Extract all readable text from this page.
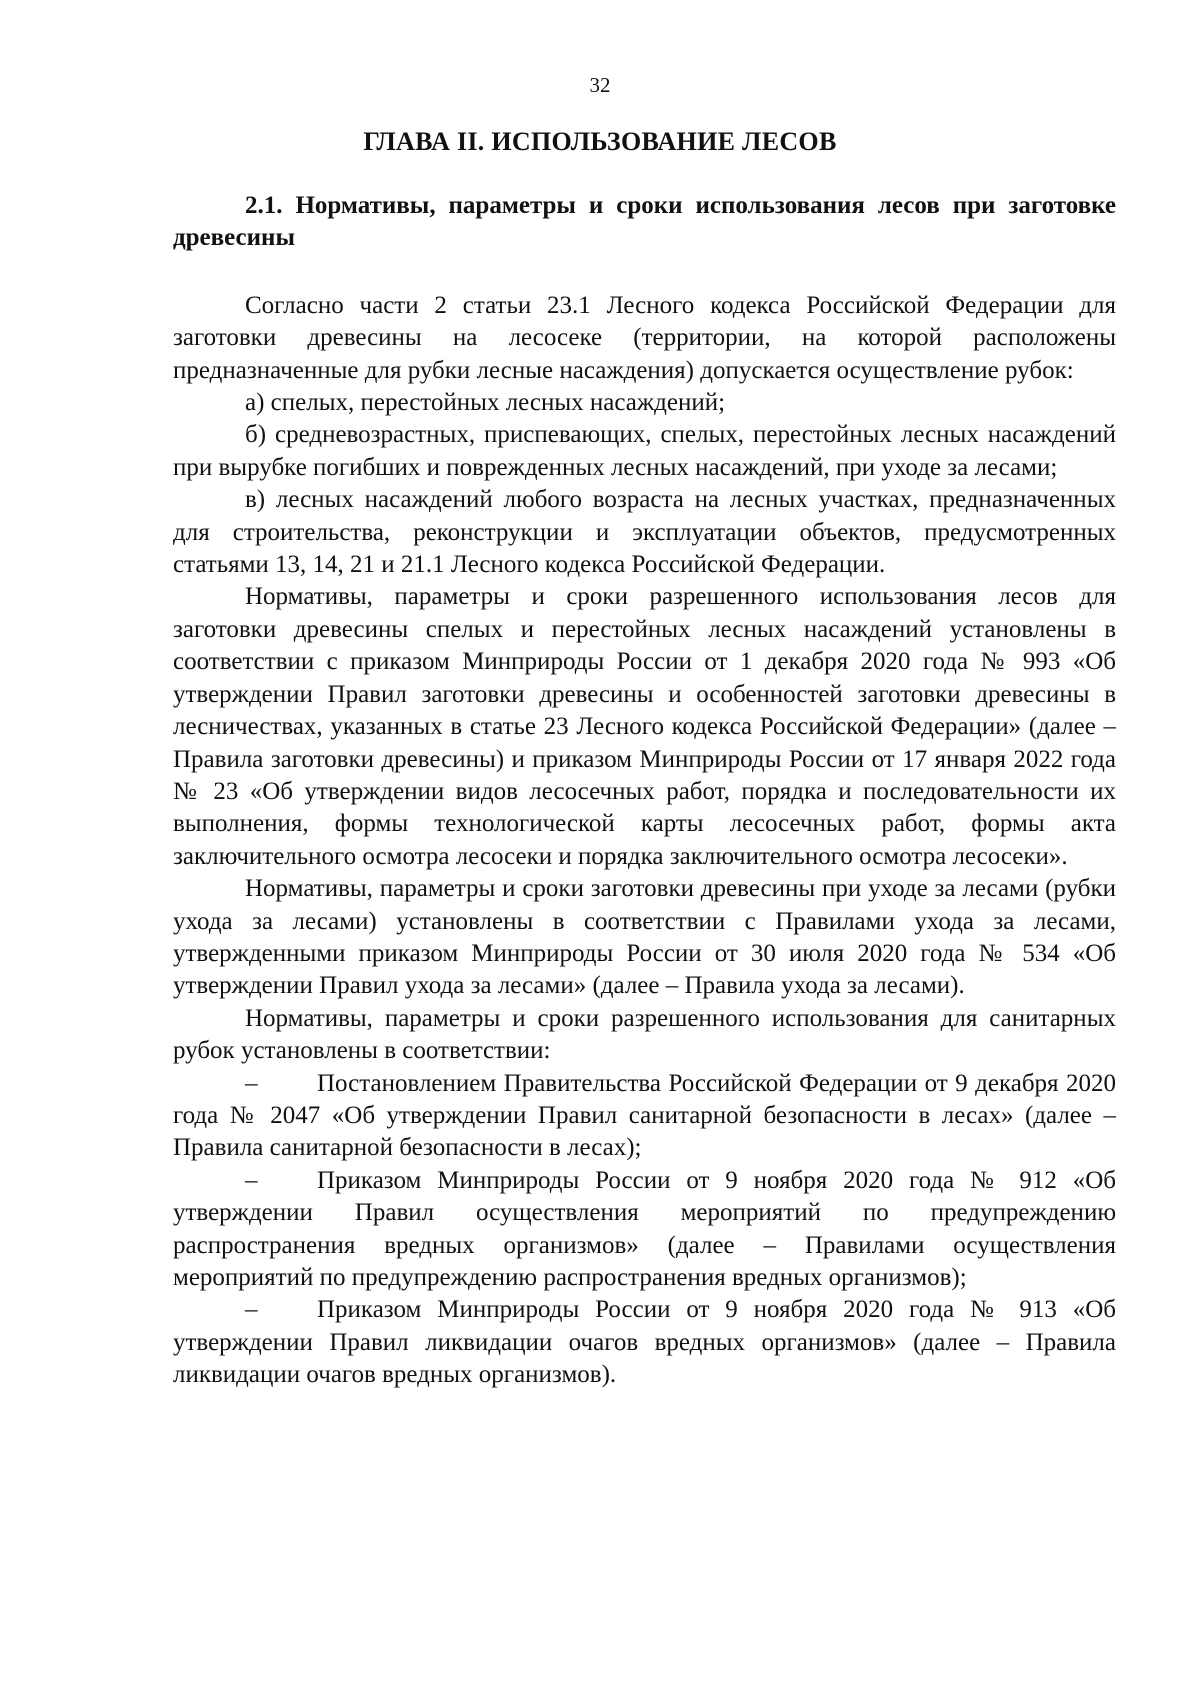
32
ГЛАВА II. ИСПОЛЬЗОВАНИЕ ЛЕСОВ

2.1. Нормативы, параметры и сроки использования лесов при заготовке древесины

Согласно части 2 статьи 23.1 Лесного кодекса Российской Федерации для заготовки древесины на лесосеке (территории, на которой расположены предназначенные для рубки лесные насаждения) допускается осуществление рубок:

а) спелых, перестойных лесных насаждений;

б) средневозрастных, приспевающих, спелых, перестойных лесных насаждений при вырубке погибших и поврежденных лесных насаждений, при уходе за лесами;

в) лесных насаждений любого возраста на лесных участках, предназначенных для строительства, реконструкции и эксплуатации объектов, предусмотренных статьями 13, 14, 21 и 21.1 Лесного кодекса Российской Федерации.

Нормативы, параметры и сроки разрешенного использования лесов для заготовки древесины спелых и перестойных лесных насаждений установлены в соответствии с приказом Минприроды России от 1 декабря 2020 года № 993 «Об утверждении Правил заготовки древесины и особенностей заготовки древесины в лесничествах, указанных в статье 23 Лесного кодекса Российской Федерации» (далее – Правила заготовки древесины) и приказом Минприроды России от 17 января 2022 года № 23 «Об утверждении видов лесосечных работ, порядка и последовательности их выполнения, формы технологической карты лесосечных работ, формы акта заключительного осмотра лесосеки и порядка заключительного осмотра лесосеки».

Нормативы, параметры и сроки заготовки древесины при уходе за лесами (рубки ухода за лесами) установлены в соответствии с Правилами ухода за лесами, утвержденными приказом Минприроды России от 30 июля 2020 года № 534 «Об утверждении Правил ухода за лесами» (далее – Правила ухода за лесами).

Нормативы, параметры и сроки разрешенного использования для санитарных рубок установлены в соответствии:

– Постановлением Правительства Российской Федерации от 9 декабря 2020 года № 2047 «Об утверждении Правил санитарной безопасности в лесах» (далее – Правила санитарной безопасности в лесах);

– Приказом Минприроды России от 9 ноября 2020 года № 912 «Об утверждении Правил осуществления мероприятий по предупреждению распространения вредных организмов» (далее – Правилами осуществления мероприятий по предупреждению распространения вредных организмов);

– Приказом Минприроды России от 9 ноября 2020 года № 913 «Об утверждении Правил ликвидации очагов вредных организмов» (далее – Правила ликвидации очагов вредных организмов).
